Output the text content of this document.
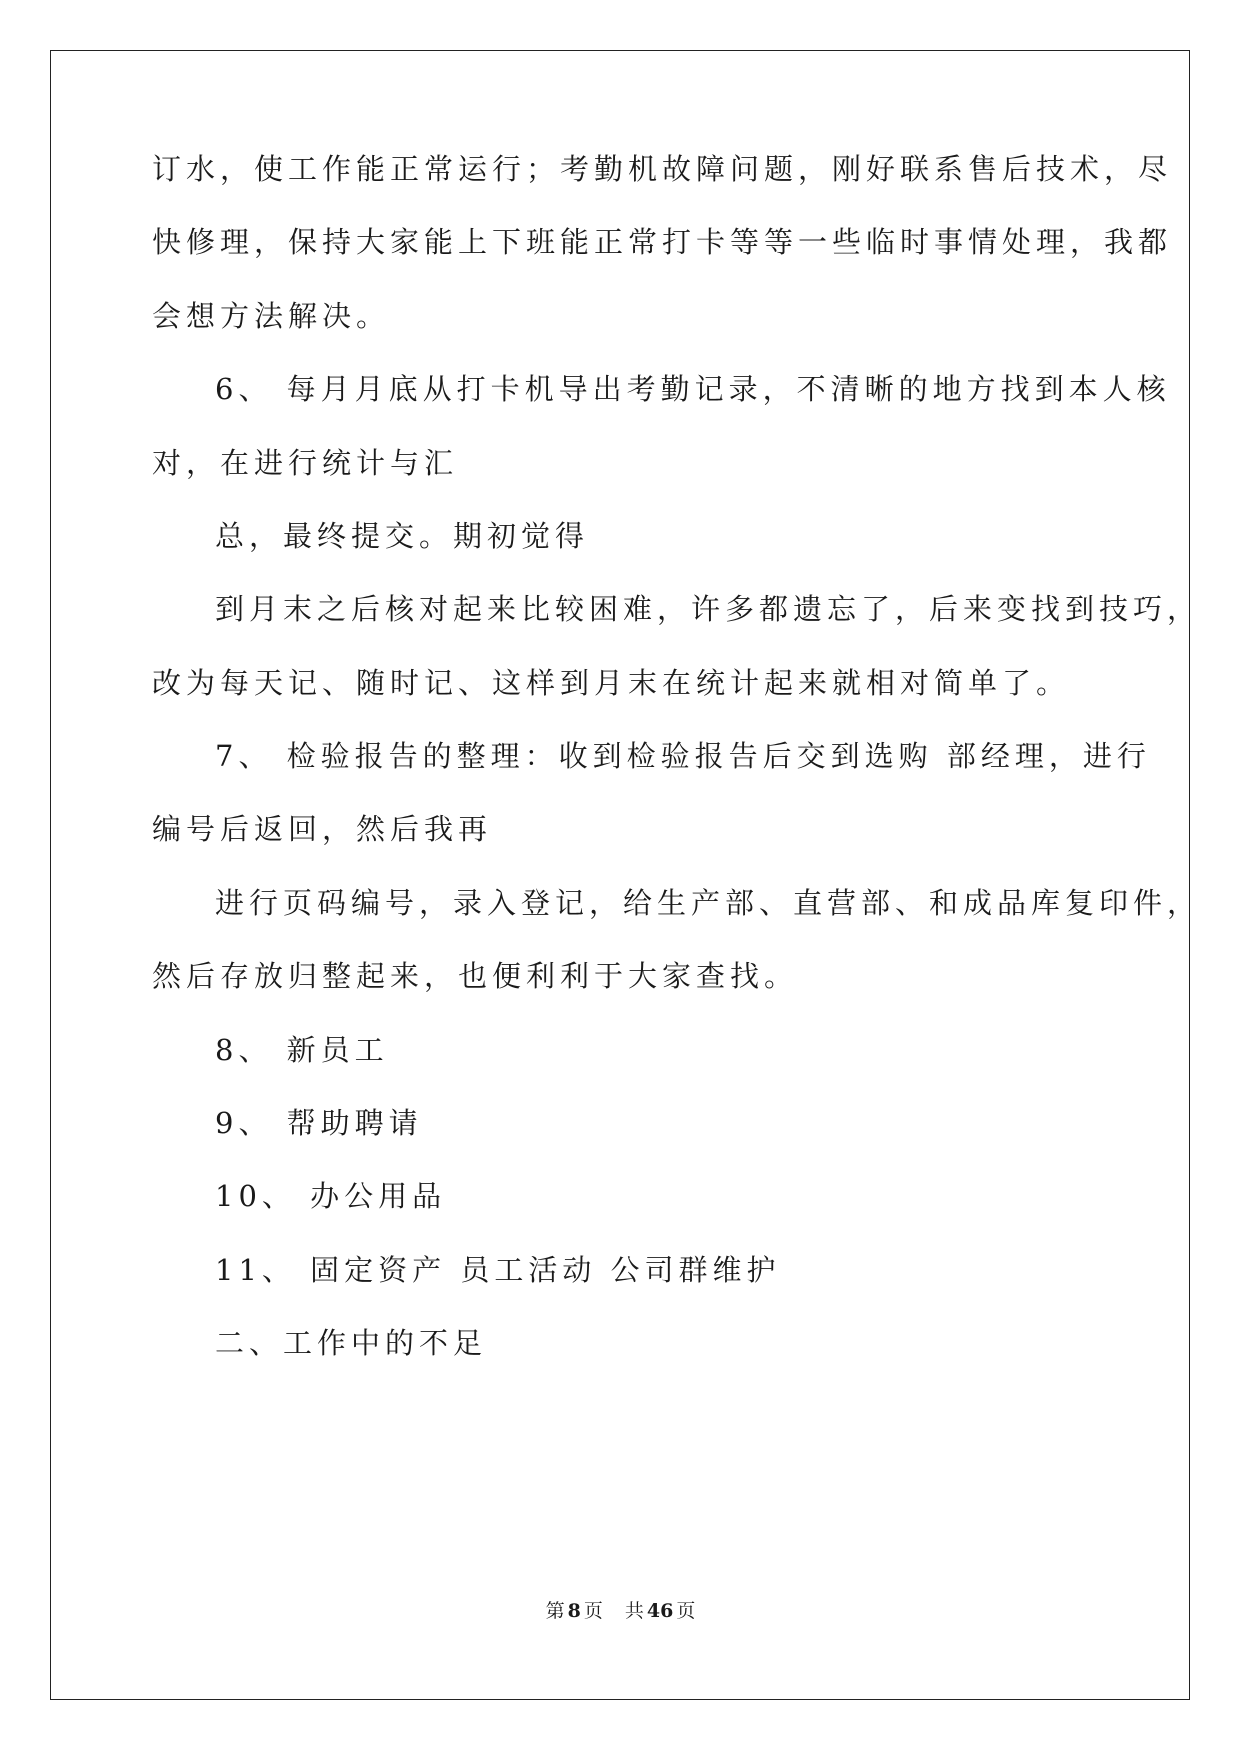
订水，使工作能正常运行；考勤机故障问题，刚好联系售后技术，尽
快修理，保持大家能上下班能正常打卡等等一些临时事情处理，我都
会想方法解决。
6、 每月月底从打卡机导出考勤记录，不清晰的地方找到本人核
对，在进行统计与汇
总，最终提交。期初觉得
到月末之后核对起来比较困难，许多都遗忘了，后来变找到技巧，
改为每天记、随时记、这样到月末在统计起来就相对简单了。
7、 检验报告的整理：收到检验报告后交到选购 部经理，进行
编号后返回，然后我再
进行页码编号，录入登记，给生产部、直营部、和成品库复印件，
然后存放归整起来，也便利利于大家查找。
8、 新员工
9、 帮助聘请
10、 办公用品
11、 固定资产 员工活动 公司群维护
二、工作中的不足
第 8 页 共 46 页
